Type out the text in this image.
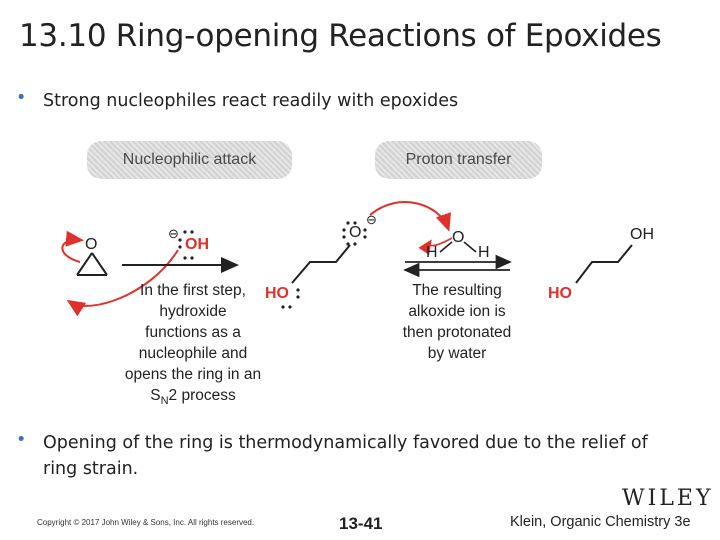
13.10 Ring-opening Reactions of Epoxides
• Strong nucleophiles react readily with epoxides
Nucleophilic attack	Proton transfer
O	OH
⊖
HO
O
⊖
O
H	H
OH
HO
In the first step,
hydroxide
functions as a
nucleophile and
opens the ring in an
$S_N2$ process
The resulting
alkoxide ion is
then protonated
by water
• Opening of the ring is thermodynamically favored due to the relief of ring strain.
WILEY
Copyright © 2017 John Wiley & Sons, Inc. All rights reserved.	13-41	Klein, Organic Chemistry 3e
